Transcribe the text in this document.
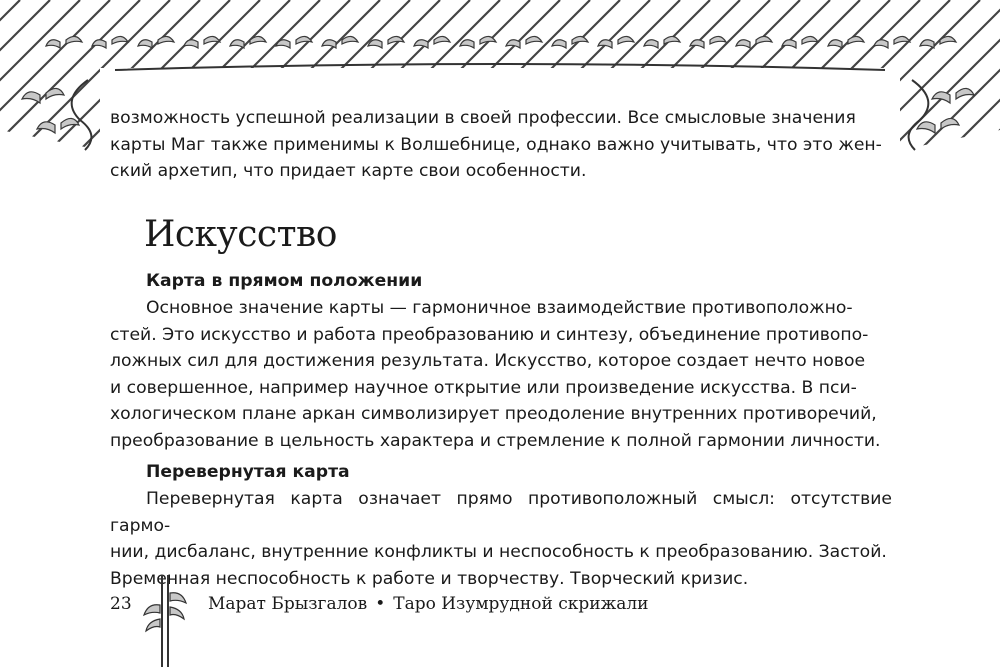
возможность успешной реализации в своей профессии. Все смысловые значения
карты Маг также применимы к Волшебнице, однако важно учитывать, что это жен-
ский архетип, что придает карте свои особенности.
Искусство
Карта в прямом положении
Основное значение карты — гармоничное взаимодействие противоположно-
стей. Это искусство и работа преобразованию и синтезу, объединение противопо-
ложных сил для достижения результата. Искусство, которое создает нечто новое
и совершенное, например научное открытие или произведение искусства. В пси-
хологическом плане аркан символизирует преодоление внутренних противоречий,
преобразование в цельность характера и стремление к полной гармонии личности.
Перевернутая карта
Перевернутая карта означает прямо противоположный смысл: отсутствие гармо-
нии, дисбаланс, внутренние конфликты и неспособность к преобразованию. Застой.
Временная неспособность к работе и творчеству. Творческий кризис.
23	Марат Брызгалов • Таро Изумрудной скрижали
